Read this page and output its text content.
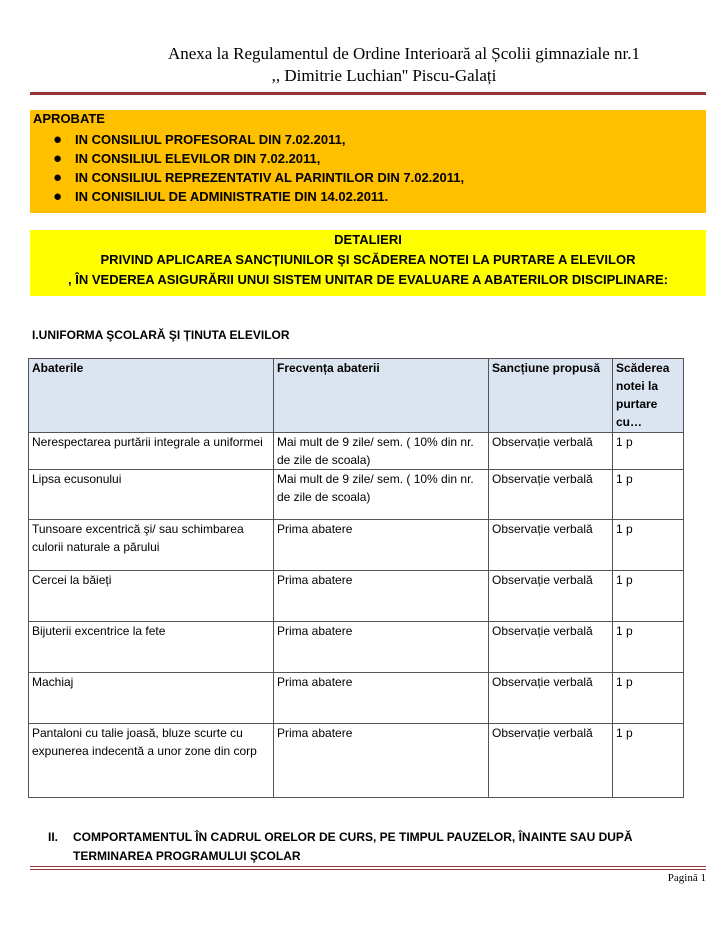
Anexa la Regulamentul de Ordine Interioară al Școlii gimnaziale nr.1
,, Dimitrie Luchian'' Piscu-Galați
APROBATE
● IN CONSILIUL PROFESORAL DIN 7.02.2011,
● IN CONSILIUL ELEVILOR DIN 7.02.2011,
● IN CONSILIUL REPREZENTATIV AL PARINTILOR DIN 7.02.2011,
● IN CONISILIUL DE ADMINISTRATIE DIN 14.02.2011.
DETALIERI
PRIVIND APLICAREA SANCȚIUNILOR ŞI SCĂDEREA NOTEI LA PURTARE A ELEVILOR
, ÎN VEDEREA ASIGURĂRII UNUI SISTEM UNITAR DE EVALUARE A ABATERILOR DISCIPLINARE:
I.UNIFORMA ŞCOLARĂ ŞI ȚINUTA ELEVILOR
Abaterile	Frecvența abaterii	Sancțiune propusă	Scăderea notei la purtare cu…
Nerespectarea purtării integrale a uniformei	Mai mult de 9 zile/ sem. ( 10% din nr. de zile de scoala)	Observație verbală	1 p
Lipsa ecusonului	Mai mult de 9 zile/ sem. ( 10% din nr. de zile de scoala)	Observație verbală	1 p
Tunsoare excentrică şi/ sau schimbarea culorii naturale a părului	Prima abatere	Observație verbală	1 p
Cercei la băieți	Prima abatere	Observație verbală	1 p
Bijuterii excentrice la fete	Prima abatere	Observație verbală	1 p
Machiaj	Prima abatere	Observație verbală	1 p
Pantaloni cu talie joasă, bluze scurte cu expunerea indecentă a unor zone din corp	Prima abatere	Observație verbală	1 p
II. COMPORTAMENTUL ÎN CADRUL ORELOR DE CURS, PE TIMPUL PAUZELOR, ÎNAINTE SAU DUPĂ TERMINAREA PROGRAMULUI ŞCOLAR
Pagină 1
